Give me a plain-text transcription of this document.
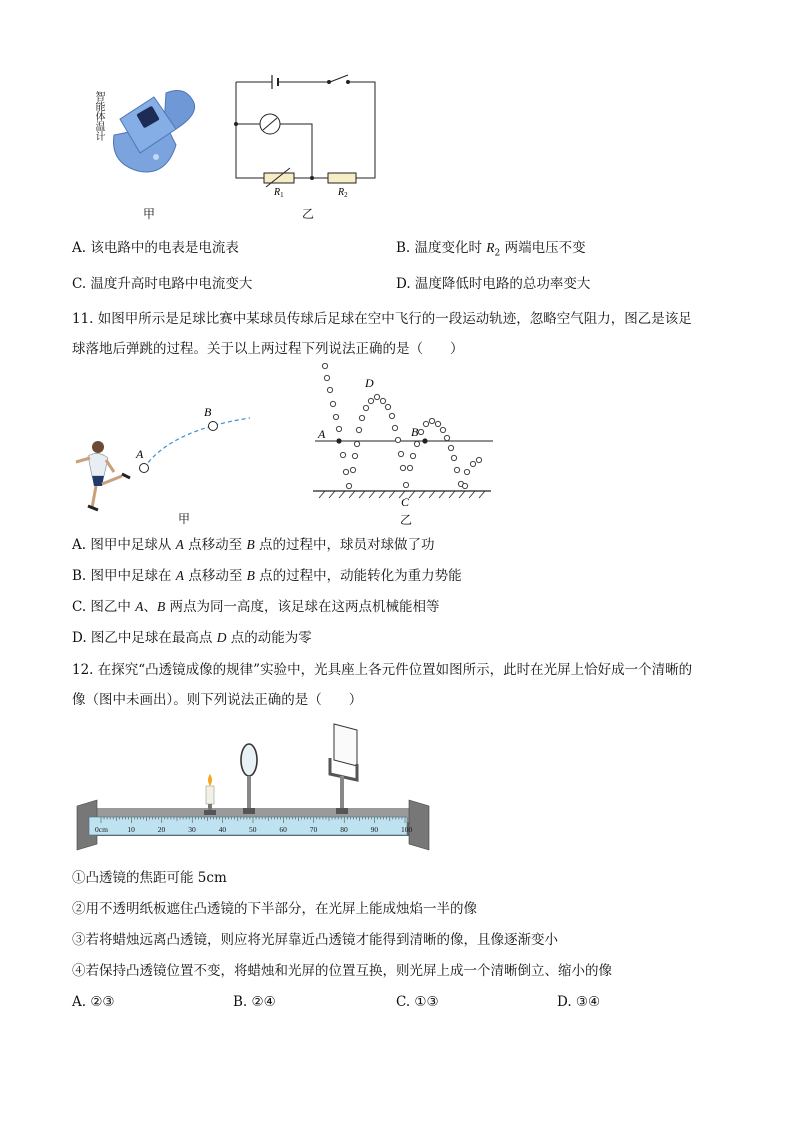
智能体温计
甲
$R_1$	$R_2$
乙
A. 该电路中的电表是电流表	B. 温度变化时 $R_2$ 两端电压不变
C. 温度升高时电路中电流变大	D. 温度降低时电路的总功率变大
11. 如图甲所示是足球比赛中某球员传球后足球在空中飞行的一段运动轨迹，忽略空气阻力，图乙是该足
球落地后弹跳的过程。关于以上两过程下列说法正确的是（　　）
A
B
甲
A	B
D
C
乙
A. 图甲中足球从 A 点移动至 B 点的过程中，球员对球做了功
B. 图甲中足球在 A 点移动至 B 点的过程中，动能转化为重力势能
C. 图乙中 A、B 两点为同一高度，该足球在这两点机械能相等
D. 图乙中足球在最高点 D 点的动能为零
12. 在探究“凸透镜成像的规律”实验中，光具座上各元件位置如图所示，此时在光屏上恰好成一个清晰的
像（图中未画出）。则下列说法正确的是（　　）
0cm	10	20	30	40	50	60	70	80	90	100
①凸透镜的焦距可能 5cm
②用不透明纸板遮住凸透镜的下半部分，在光屏上能成烛焰一半的像
③若将蜡烛远离凸透镜，则应将光屏靠近凸透镜才能得到清晰的像，且像逐渐变小
④若保持凸透镜位置不变，将蜡烛和光屏的位置互换，则光屏上成一个清晰倒立、缩小的像
A. ②③	B. ②④	C. ①③	D. ③④
